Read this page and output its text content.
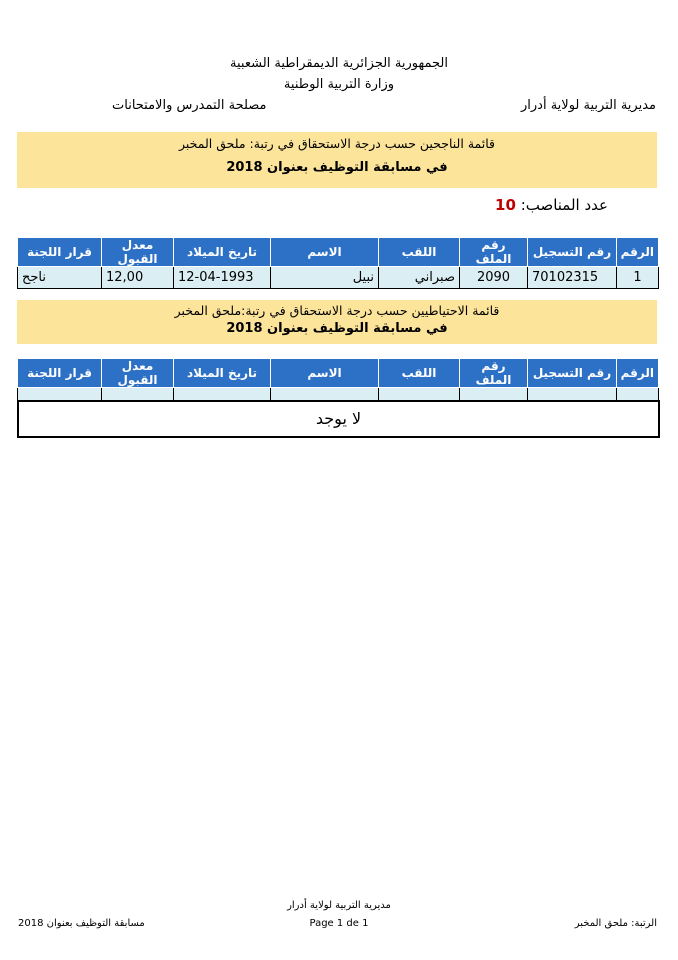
الجمهورية الجزائرية الديمقراطية الشعبية
وزارة التربية الوطنية
مديرية التربية لولاية أدرار
مصلحة التمدرس والامتحانات
قائمة الناجحين حسب درجة الاستحقاق في رتبة: ملحق المخبر
في مسابقة التوظيف بعنوان 2018
عدد المناصب: 10
الرقم	رقم التسجيل	رقم الملف	اللقب	الاسم	تاريخ الميلاد	معدل القبول	قرار اللجنة
1	70102315	2090	صبراني	نبيل	12-04-1993	12,00	ناجح
قائمة الاحتياطيين حسب درجة الاستحقاق في رتبة:ملحق المخبر
في مسابقة التوظيف بعنوان 2018
الرقم	رقم التسجيل	رقم الملف	اللقب	الاسم	تاريخ الميلاد	معدل القبول	قرار اللجنة

لا يوجد
مديرية التربية لولاية أدرار
Page 1 de 1
مسابقة التوظيف بعنوان 2018	الرتبة: ملحق المخبر
